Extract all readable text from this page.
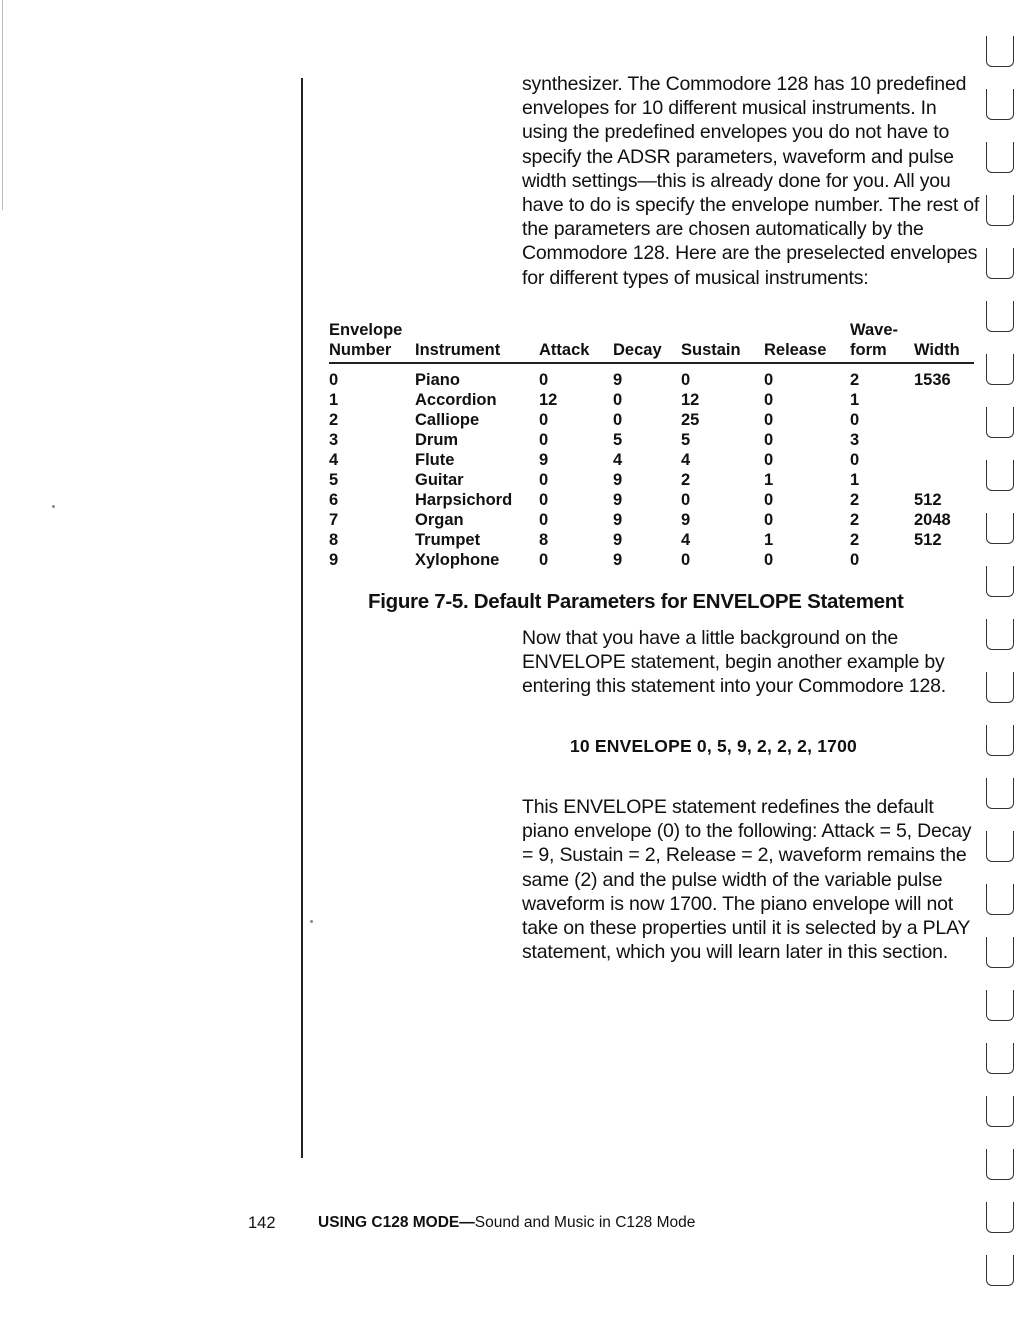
synthesizer. The Commodore 128 has 10 predefined envelopes for 10 different musical instruments. In using the predefined envelopes you do not have to specify the ADSR parameters, waveform and pulse width settings—this is already done for you. All you have to do is specify the envelope number. The rest of the parameters are chosen automatically by the Commodore 128. Here are the preselected envelopes for different types of musical instruments:

Envelope						Wave-	
Number	Instrument	Attack	Decay	Sustain	Release	form	Width
0	Piano	0	9	0	0	2	1536
1	Accordion	12	0	12	0	1	
2	Calliope	0	0	25	0	0	
3	Drum	0	5	5	0	3	
4	Flute	9	4	4	0	0	
5	Guitar	0	9	2	1	1	
6	Harpsichord	0	9	0	0	2	512
7	Organ	0	9	9	0	2	2048
8	Trumpet	8	9	4	1	2	512
9	Xylophone	0	9	0	0	0	
Figure 7-5. Default Parameters for ENVELOPE Statement

Now that you have a little background on the ENVELOPE statement, begin another example by entering this statement into your Commodore 128.

10 ENVELOPE 0, 5, 9, 2, 2, 2, 1700

This ENVELOPE statement redefines the default piano envelope (0) to the following: Attack = 5, Decay = 9, Sustain = 2, Release = 2, waveform remains the same (2) and the pulse width of the variable pulse waveform is now 1700. The piano envelope will not take on these properties until it is selected by a PLAY statement, which you will learn later in this section.

142	USING C128 MODE—Sound and Music in C128 Mode
